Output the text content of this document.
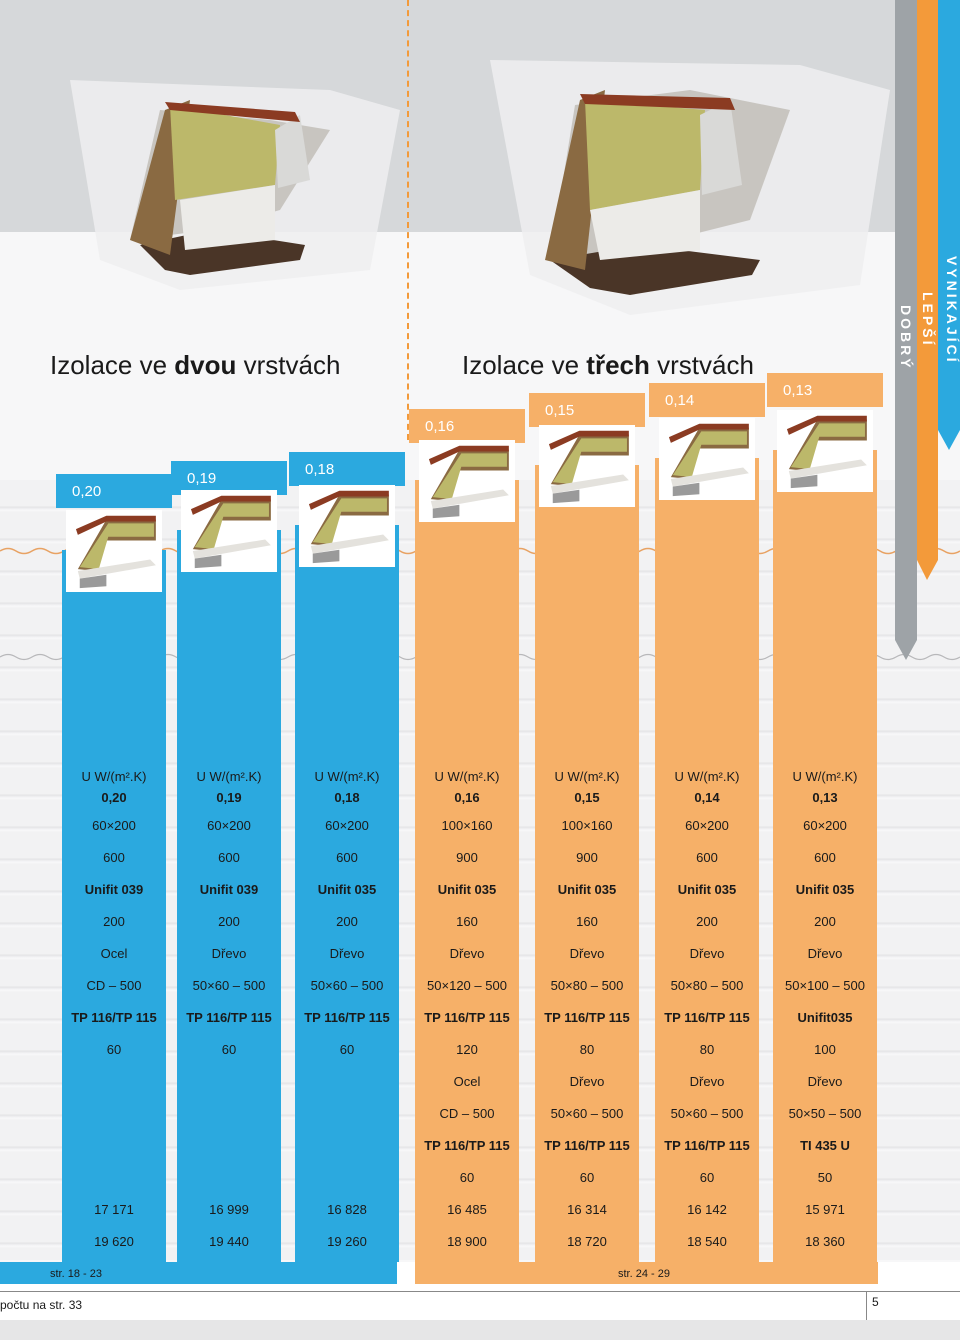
Izolace ve dvou vrstvách	Izolace ve třech vrstvách
VYNIKAJÍCÍ
LEPŠÍ
DOBRÝ
0,20
U W/(m².K)
0,20
60×200
600
Unifit 039
200
Ocel
CD – 500
TP 116/TP 115
60
17 171
19 620
0,19
U W/(m².K)
0,19
60×200
600
Unifit 039
200
Dřevo
50×60 – 500
TP 116/TP 115
60
16 999
19 440
0,18
U W/(m².K)
0,18
60×200
600
Unifit 035
200
Dřevo
50×60 – 500
TP 116/TP 115
60
16 828
19 260
0,16
U W/(m².K)
0,16
100×160
900
Unifit 035
160
Dřevo
50×120 – 500
TP 116/TP 115
120
Ocel
CD – 500
TP 116/TP 115
60
16 485
18 900
0,15
U W/(m².K)
0,15
100×160
900
Unifit 035
160
Dřevo
50×80 – 500
TP 116/TP 115
80
Dřevo
50×60 – 500
TP 116/TP 115
60
16 314
18 720
0,14
U W/(m².K)
0,14
60×200
600
Unifit 035
200
Dřevo
50×80 – 500
TP 116/TP 115
80
Dřevo
50×60 – 500
TP 116/TP 115
60
16 142
18 540
0,13
U W/(m².K)
0,13
60×200
600
Unifit 035
200
Dřevo
50×100 – 500
Unifit035
100
Dřevo
50×50 – 500
TI 435 U
50
15 971
18 360
str. 18 - 23	str. 24 - 29
5
počtu na str. 33
